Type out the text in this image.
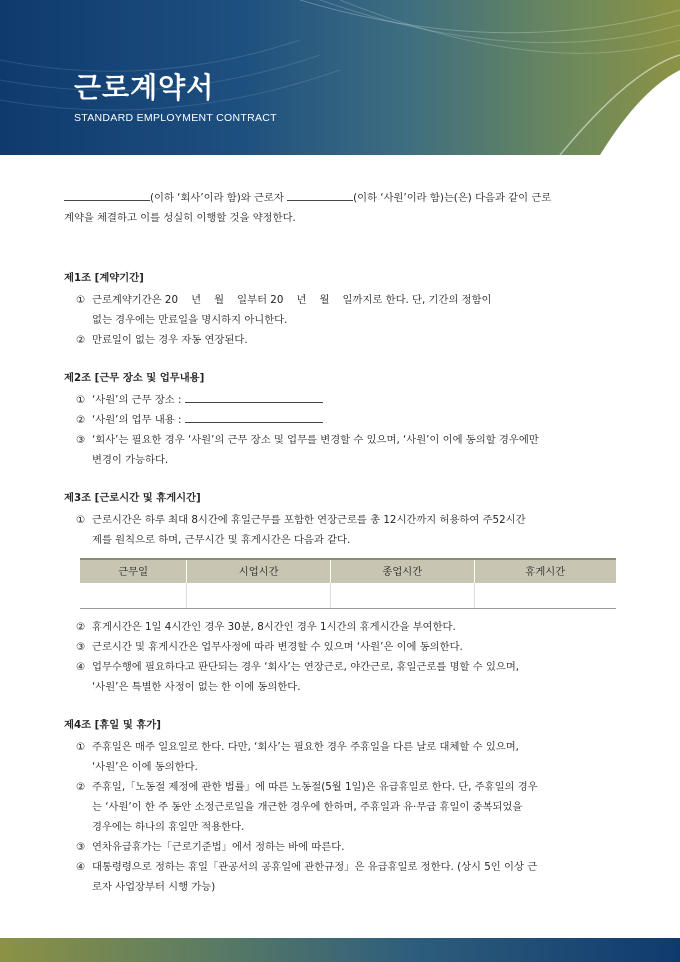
근로계약서
STANDARD EMPLOYMENT CONTRACT
(이하 ‘회사’이라 함)와 근로자	(이하 ‘사원’이라 함)는(은) 다음과 같이 근로
계약을 체결하고 이를 성실히 이행할 것을 약정한다.
제1조 [계약기간]
① 근로계약기간은 20    년    월    일부터 20    년    월    일까지로 한다. 단, 기간의 정함이
없는 경우에는 만료일을 명시하지 아니한다.
② 만료일이 없는 경우 자동 연장된다.
제2조 [근무 장소 및 업무내용]
① ‘사원’의 근무 장소 :
② ‘사원’의 업무 내용 :
③ ‘회사’는 필요한 경우 ‘사원’의 근무 장소 및 업무를 변경할 수 있으며, ‘사원’이 이에 동의할 경우에만
변경이 가능하다.
제3조 [근로시간 및 휴게시간]
① 근로시간은 하루 최대 8시간에 휴일근무를 포함한 연장근로를 총 12시간까지 허용하여 주52시간
제를 원칙으로 하며, 근무시간 및 휴게시간은 다음과 같다.
근무일	시업시간	종업시간	휴게시간

② 휴게시간은 1일 4시간인 경우 30분, 8시간인 경우 1시간의 휴게시간을 부여한다.
③ 근로시간 및 휴게시간은 업무사정에 따라 변경할 수 있으며 ‘사원’은 이에 동의한다.
④ 업무수행에 필요하다고 판단되는 경우 ‘회사’는 연장근로, 야간근로, 휴일근로를 명할 수 있으며,
‘사원’은 특별한 사정이 없는 한 이에 동의한다.
제4조 [휴일 및 휴가]
① 주휴일은 매주 일요일로 한다. 다만, ‘회사’는 필요한 경우 주휴일을 다른 날로 대체할 수 있으며,
‘사원’은 이에 동의한다.
② 주휴일,「노동절 제정에 관한 법률」에 따른 노동절(5월 1일)은 유급휴일로 한다. 단, 주휴일의 경우
는 ‘사원’이 한 주 동안 소정근로일을 개근한 경우에 한하며, 주휴일과 유·무급 휴일이 중복되었을
경우에는 하나의 휴일만 적용한다.
③ 연차유급휴가는「근로기준법」에서 정하는 바에 따른다.
④ 대통령령으로 정하는 휴일「관공서의 공휴일에 관한규정」은 유급휴일로 정한다. (상시 5인 이상 근
로자 사업장부터 시행 가능)
